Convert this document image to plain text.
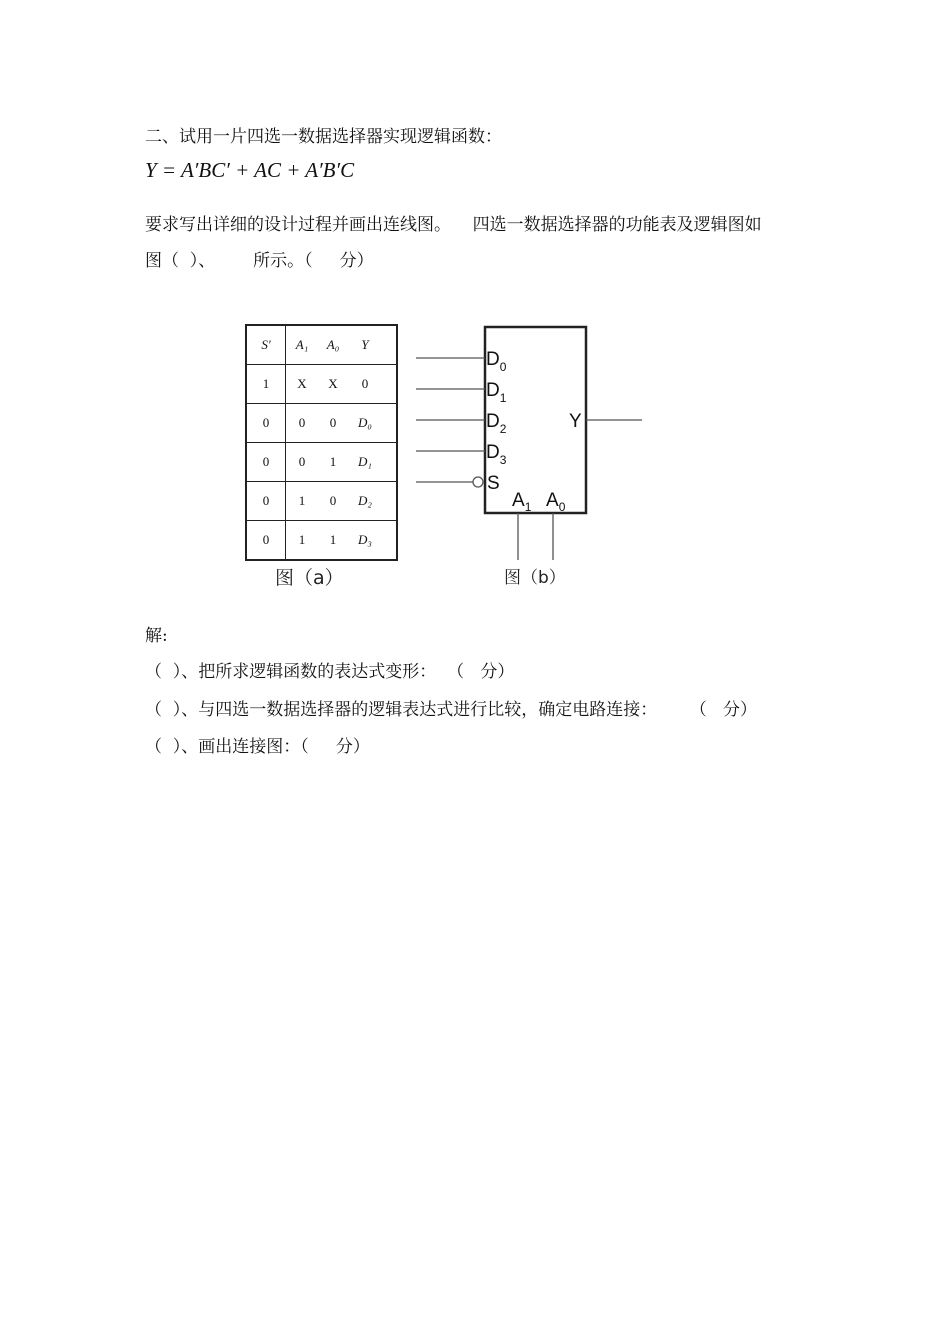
二、试用一片四选一数据选择器实现逻辑函数：
Y = A′BC′ + AC + A′B′C
要求写出详细的设计过程并画出连线图。    四选一数据选择器的功能表及逻辑图如
图（  ）、       所示。（     分）
S′	A₁ A₀ Y

1	X X 0

0	0 0 D₀

0	0 1 D₁

0	1 0 D₂

0	1 1 D₃
图（a）
$D_0$
$D_1$
$D_2$
$D_3$
S
Y
$A_1$ $A_0$
图（b）
解:
（  ）、把所求逻辑函数的表达式变形：  （   分）
（  ）、与四选一数据选择器的逻辑表达式进行比较，确定电路连接：      （   分）
（  ）、画出连接图：（     分）
